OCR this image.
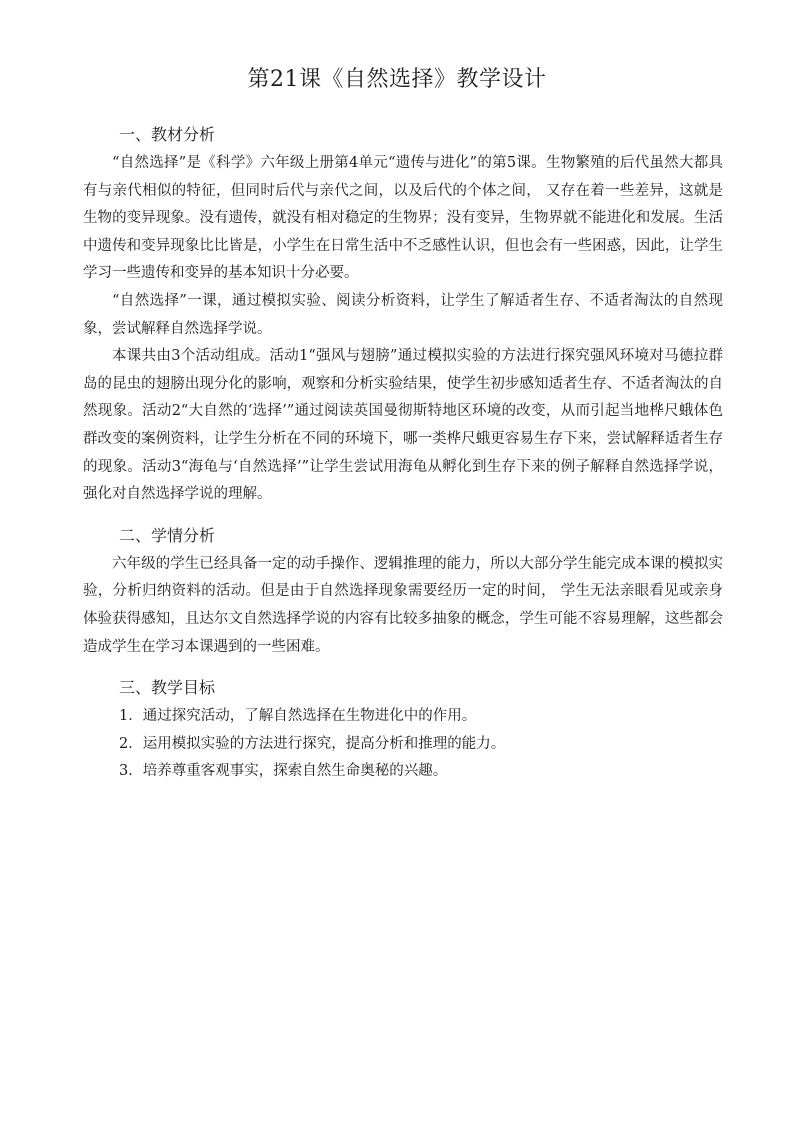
第21课《自然选择》教学设计
一、教材分析

“自然选择”是《科学》六年级上册第4单元“遗传与进化”的第5课。生物繁殖的后代虽然大都具有与亲代相似的特征，但同时后代与亲代之间，以及后代的个体之间， 又存在着一些差异，这就是生物的变异现象。没有遗传，就没有相对稳定的生物界；没有变异，生物界就不能进化和发展。生活中遗传和变异现象比比皆是，小学生在日常生活中不乏感性认识，但也会有一些困惑，因此，让学生学习一些遗传和变异的基本知识十分必要。

“自然选择”一课，通过模拟实验、阅读分析资料，让学生了解适者生存、不适者淘汰的自然现象，尝试解释自然选择学说。

本课共由3个活动组成。活动1“强风与翅膀”通过模拟实验的方法进行探究强风环境对马德拉群岛的昆虫的翅膀出现分化的影响，观察和分析实验结果，使学生初步感知适者生存、不适者淘汰的自然现象。活动2“大自然的‘选择’”通过阅读英国曼彻斯特地区环境的改变，从而引起当地桦尺蛾体色群改变的案例资料，让学生分析在不同的环境下，哪一类桦尺蛾更容易生存下来，尝试解释适者生存的现象。活动3“海龟与‘自然选择’”让学生尝试用海龟从孵化到生存下来的例子解释自然选择学说，强化对自然选择学说的理解。

二、学情分析

六年级的学生已经具备一定的动手操作、逻辑推理的能力，所以大部分学生能完成本课的模拟实验，分析归纳资料的活动。但是由于自然选择现象需要经历一定的时间， 学生无法亲眼看见或亲身体验获得感知，且达尔文自然选择学说的内容有比较多抽象的概念，学生可能不容易理解，这些都会造成学生在学习本课遇到的一些困难。

三、教学目标
1．通过探究活动，了解自然选择在生物进化中的作用。
2．运用模拟实验的方法进行探究，提高分析和推理的能力。
3．培养尊重客观事实，探索自然生命奥秘的兴趣。
